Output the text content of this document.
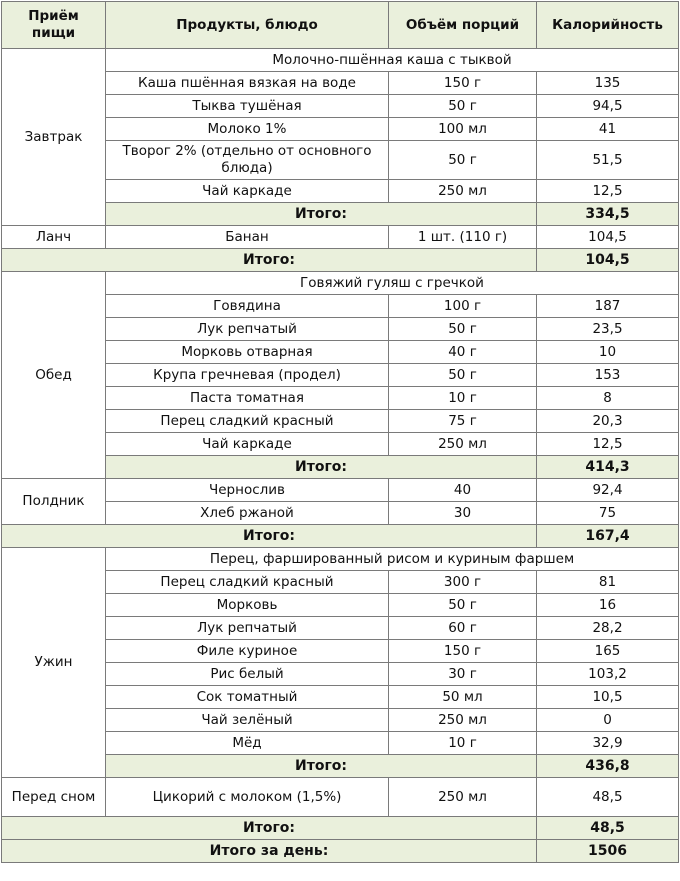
Приём пищи	Продукты, блюдо	Объём порций	Калорийность
Завтрак	Молочно-пшённая каша с тыквой		
	Каша пшённая вязкая на воде	150 г	135
	Тыква тушёная	50 г	94,5
	Молоко 1%	100 мл	41
	Творог 2% (отдельно от основного блюда)	50 г	51,5
	Чай каркаде	250 мл	12,5
	Итого:		334,5
Ланч	Банан	1 шт. (110 г)	104,5
Итого:			104,5
Обед	Говяжий гуляш с гречкой		
	Говядина	100 г	187
	Лук репчатый	50 г	23,5
	Морковь отварная	40 г	10
	Крупа гречневая (продел)	50 г	153
	Паста томатная	10 г	8
	Перец сладкий красный	75 г	20,3
	Чай каркаде	250 мл	12,5
	Итого:		414,3
Полдник	Чернослив	40	92,4
	Хлеб ржаной	30	75
Итого:			167,4
Ужин	Перец, фаршированный рисом и куриным фаршем		
	Перец сладкий красный	300 г	81
	Морковь	50 г	16
	Лук репчатый	60 г	28,2
	Филе куриное	150 г	165
	Рис белый	30 г	103,2
	Сок томатный	50 мл	10,5
	Чай зелёный	250 мл	0
	Мёд	10 г	32,9
	Итого:		436,8
Перед сном	Цикорий с молоком (1,5%)	250 мл	48,5
Итого:			48,5
Итого за день:			1506
